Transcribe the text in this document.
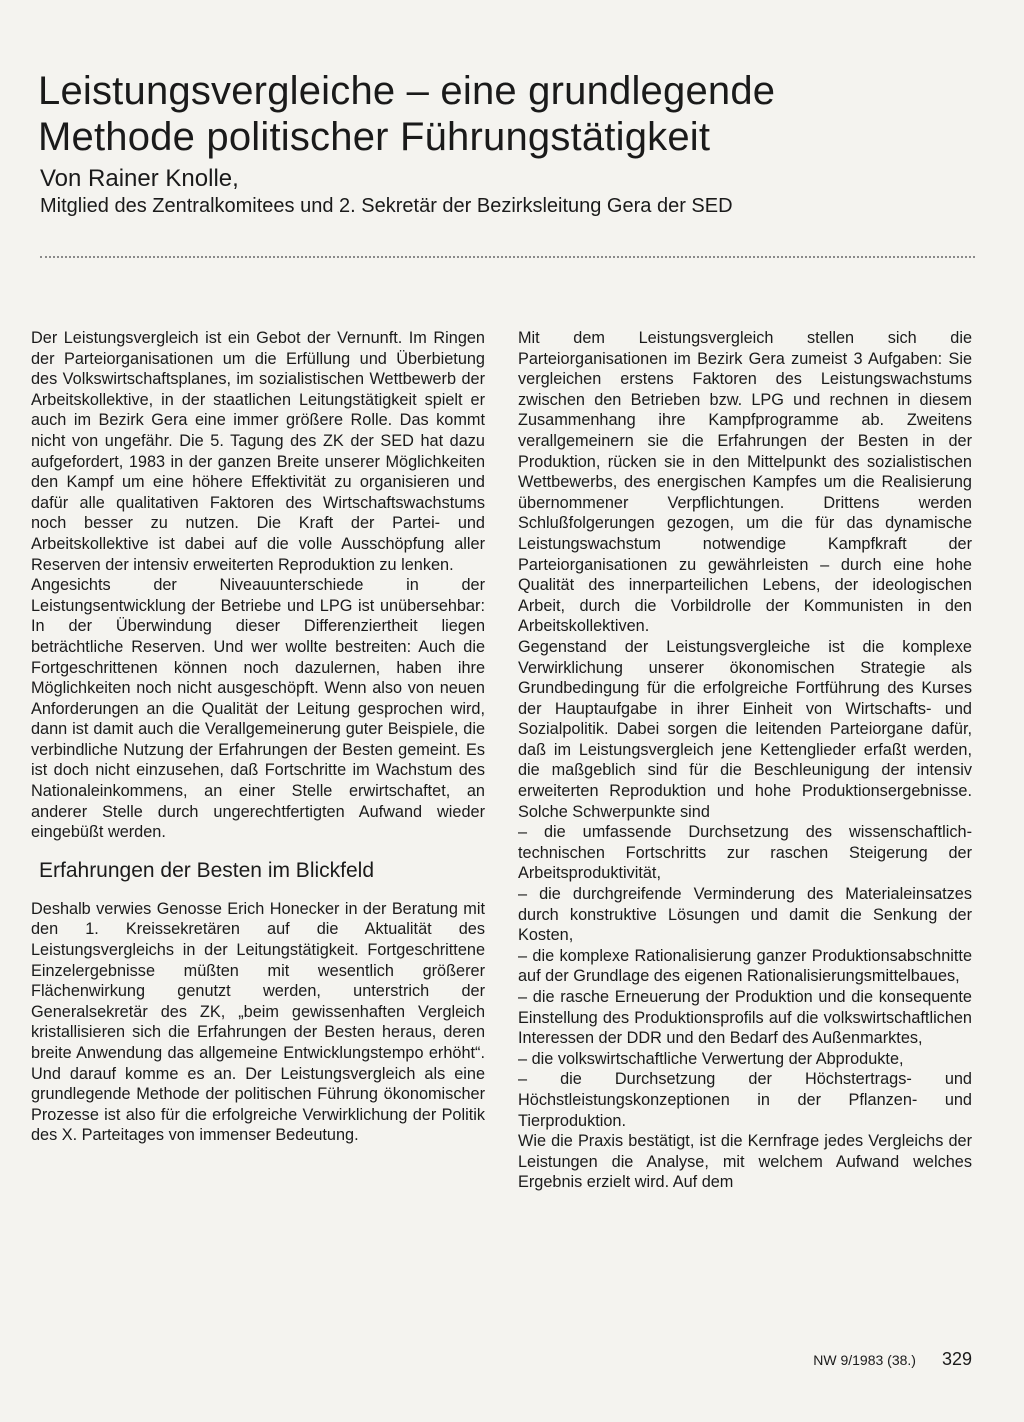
Leistungsvergleiche – eine grundlegende
Methode politischer Führungstätigkeit
Von Rainer Knolle,
Mitglied des Zentralkomitees und 2. Sekretär der Bezirksleitung Gera der SED

Der Leistungsvergleich ist ein Gebot der Vernunft. Im Ringen der Parteiorganisationen um die Erfüllung und Überbietung des Volkswirtschaftsplanes, im sozialistischen Wettbewerb der Arbeitskollektive, in der staatlichen Leitungstätigkeit spielt er auch im Bezirk Gera eine immer größere Rolle. Das kommt nicht von ungefähr. Die 5. Tagung des ZK der SED hat dazu aufgefordert, 1983 in der ganzen Breite unserer Möglichkeiten den Kampf um eine höhere Effektivität zu organisieren und dafür alle qualitativen Faktoren des Wirtschaftswachstums noch besser zu nutzen. Die Kraft der Partei- und Arbeitskollektive ist dabei auf die volle Ausschöpfung aller Reserven der intensiv erweiterten Reproduktion zu lenken.

Angesichts der Niveauunterschiede in der Leistungsentwicklung der Betriebe und LPG ist unübersehbar: In der Überwindung dieser Differenziertheit liegen beträchtliche Reserven. Und wer wollte bestreiten: Auch die Fortgeschrittenen können noch dazulernen, haben ihre Möglichkeiten noch nicht ausgeschöpft. Wenn also von neuen Anforderungen an die Qualität der Leitung gesprochen wird, dann ist damit auch die Verallgemeinerung guter Beispiele, die verbindliche Nutzung der Erfahrungen der Besten gemeint. Es ist doch nicht einzusehen, daß Fortschritte im Wachstum des Nationaleinkommens, an einer Stelle erwirtschaftet, an anderer Stelle durch ungerechtfertigten Aufwand wieder eingebüßt werden.

Erfahrungen der Besten im Blickfeld

Deshalb verwies Genosse Erich Honecker in der Beratung mit den 1. Kreissekretären auf die Aktualität des Leistungsvergleichs in der Leitungstätigkeit. Fortgeschrittene Einzelergebnisse müßten mit wesentlich größerer Flächenwirkung genutzt werden, unterstrich der Generalsekretär des ZK, „beim gewissenhaften Vergleich kristallisieren sich die Erfahrungen der Besten heraus, deren breite Anwendung das allgemeine Entwicklungstempo erhöht“. Und darauf komme es an. Der Leistungsvergleich als eine grundlegende Methode der politischen Führung ökonomischer Prozesse ist also für die erfolgreiche Verwirklichung der Politik des X. Parteitages von immenser Bedeutung.

Mit dem Leistungsvergleich stellen sich die Parteiorganisationen im Bezirk Gera zumeist 3 Aufgaben: Sie vergleichen erstens Faktoren des Leistungswachstums zwischen den Betrieben bzw. LPG und rechnen in diesem Zusammenhang ihre Kampfprogramme ab. Zweitens verallgemeinern sie die Erfahrungen der Besten in der Produktion, rücken sie in den Mittelpunkt des sozialistischen Wettbewerbs, des energischen Kampfes um die Realisierung übernommener Verpflichtungen. Drittens werden Schlußfolgerungen gezogen, um die für das dynamische Leistungswachstum notwendige Kampfkraft der Parteiorganisationen zu gewährleisten – durch eine hohe Qualität des innerparteilichen Lebens, der ideologischen Arbeit, durch die Vorbildrolle der Kommunisten in den Arbeitskollektiven.

Gegenstand der Leistungsvergleiche ist die komplexe Verwirklichung unserer ökonomischen Strategie als Grundbedingung für die erfolgreiche Fortführung des Kurses der Hauptaufgabe in ihrer Einheit von Wirtschafts- und Sozialpolitik. Dabei sorgen die leitenden Parteiorgane dafür, daß im Leistungsvergleich jene Kettenglieder erfaßt werden, die maßgeblich sind für die Beschleunigung der intensiv erweiterten Reproduktion und hohe Produktionsergebnisse. Solche Schwerpunkte sind

– die umfassende Durchsetzung des wissenschaftlich-technischen Fortschritts zur raschen Steigerung der Arbeitsproduktivität,
– die durchgreifende Verminderung des Materialeinsatzes durch konstruktive Lösungen und damit die Senkung der Kosten,
– die komplexe Rationalisierung ganzer Produktionsabschnitte auf der Grundlage des eigenen Rationalisierungsmittelbaues,
– die rasche Erneuerung der Produktion und die konsequente Einstellung des Produktionsprofils auf die volkswirtschaftlichen Interessen der DDR und den Bedarf des Außenmarktes,
– die volkswirtschaftliche Verwertung der Abprodukte,
– die Durchsetzung der Höchstertrags- und Höchstleistungskonzeptionen in der Pflanzen- und Tierproduktion.

Wie die Praxis bestätigt, ist die Kernfrage jedes Vergleichs der Leistungen die Analyse, mit welchem Aufwand welches Ergebnis erzielt wird. Auf dem

NW 9/1983 (38.) 329
